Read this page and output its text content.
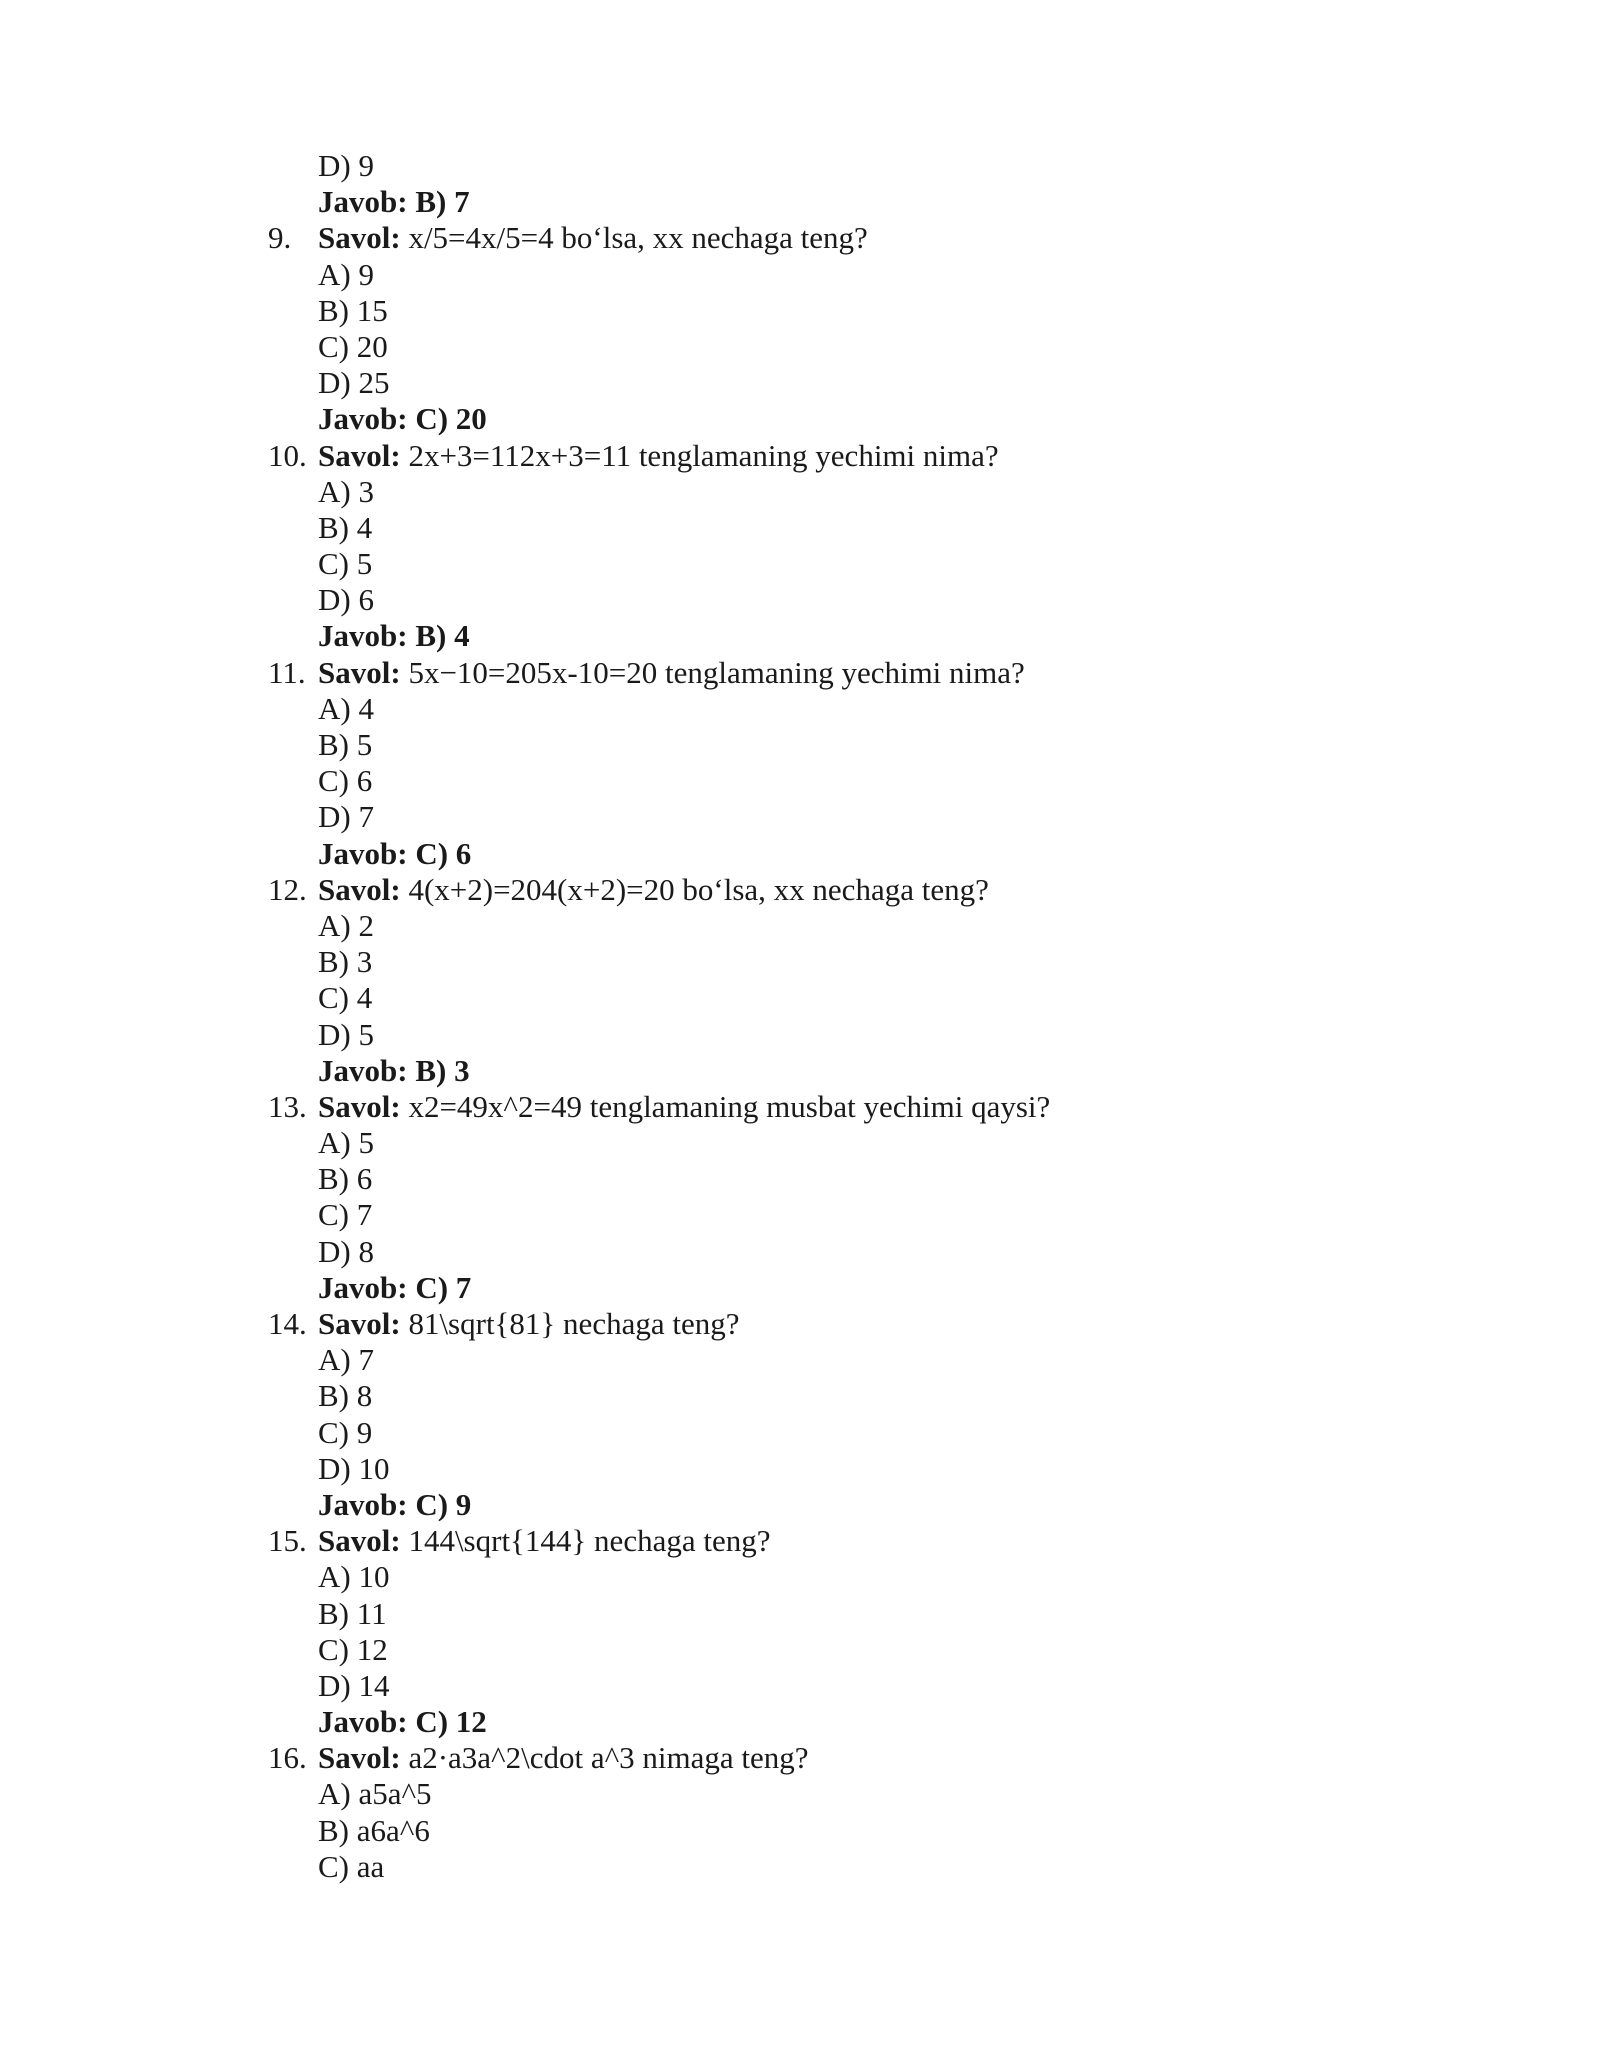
D) 9
Javob: B) 7
9. Savol: x/5=4x/5=4 bo‘lsa, xx nechaga teng?
A) 9
B) 15
C) 20
D) 25
Javob: C) 20
10. Savol: 2x+3=112x+3=11 tenglamaning yechimi nima?
A) 3
B) 4
C) 5
D) 6
Javob: B) 4
11. Savol: 5x−10=205x-10=20 tenglamaning yechimi nima?
A) 4
B) 5
C) 6
D) 7
Javob: C) 6
12. Savol: 4(x+2)=204(x+2)=20 bo‘lsa, xx nechaga teng?
A) 2
B) 3
C) 4
D) 5
Javob: B) 3
13. Savol: x2=49x^2=49 tenglamaning musbat yechimi qaysi?
A) 5
B) 6
C) 7
D) 8
Javob: C) 7
14. Savol: 81\sqrt{81} nechaga teng?
A) 7
B) 8
C) 9
D) 10
Javob: C) 9
15. Savol: 144\sqrt{144} nechaga teng?
A) 10
B) 11
C) 12
D) 14
Javob: C) 12
16. Savol: a2·a3a^2\cdot a^3 nimaga teng?
A) a5a^5
B) a6a^6
C) aa
